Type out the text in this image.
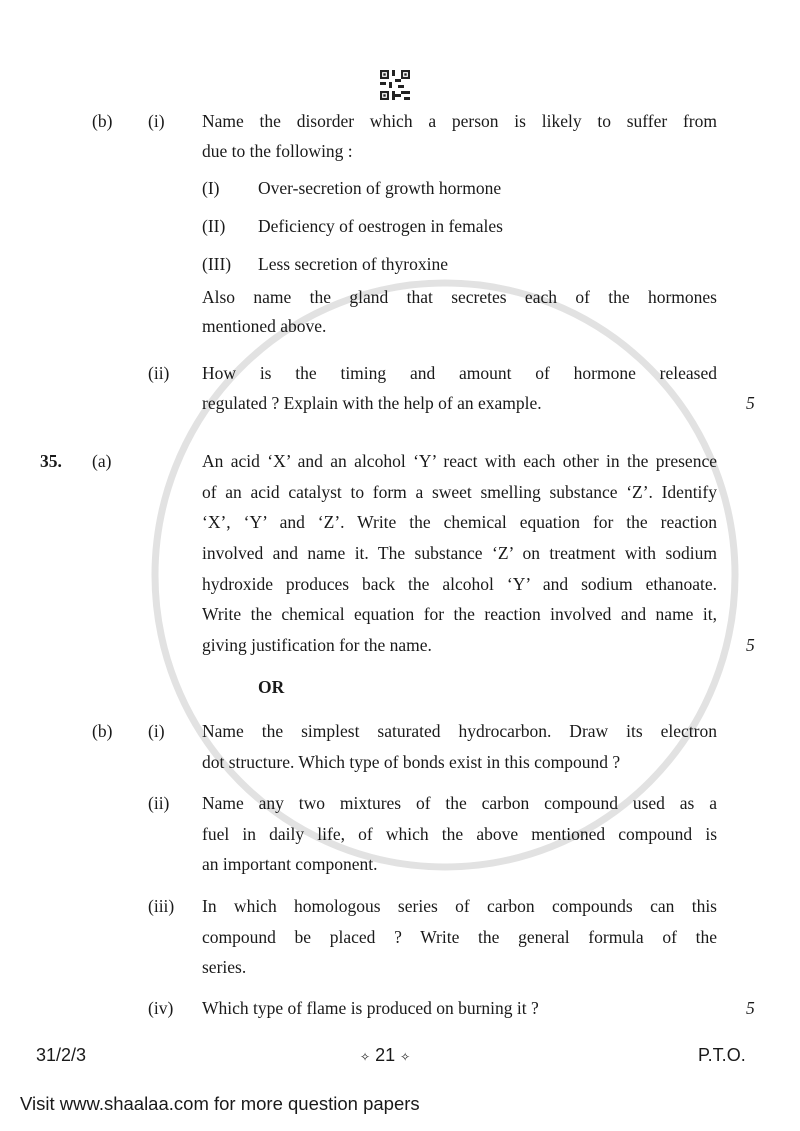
(b) (i) Name the disorder which a person is likely to suffer from
due to the following :
(I) Over-secretion of growth hormone
(II) Deficiency of oestrogen in females
(III) Less secretion of thyroxine
Also name the gland that secretes each of the hormones
mentioned above.
(ii) How is the timing and amount of hormone released
regulated ? Explain with the help of an example.	5
35. (a)	An acid ‘X’ and an alcohol ‘Y’ react with each other in the presence
of an acid catalyst to form a sweet smelling substance ‘Z’. Identify
‘X’, ‘Y’ and ‘Z’. Write the chemical equation for the reaction
involved and name it. The substance ‘Z’ on treatment with sodium
hydroxide produces back the alcohol ‘Y’ and sodium ethanoate.
Write the chemical equation for the reaction involved and name it,
giving justification for the name.	5
OR
(b) (i) Name the simplest saturated hydrocarbon. Draw its electron
dot structure. Which type of bonds exist in this compound ?
(ii) Name any two mixtures of the carbon compound used as a
fuel in daily life, of which the above mentioned compound is
an important component.
(iii) In which homologous series of carbon compounds can this
compound be placed ? Write the general formula of the
series.
(iv) Which type of flame is produced on burning it ?	5
31/2/3	✧ 21 ✧	P.T.O.
Visit www.shaalaa.com for more question papers
